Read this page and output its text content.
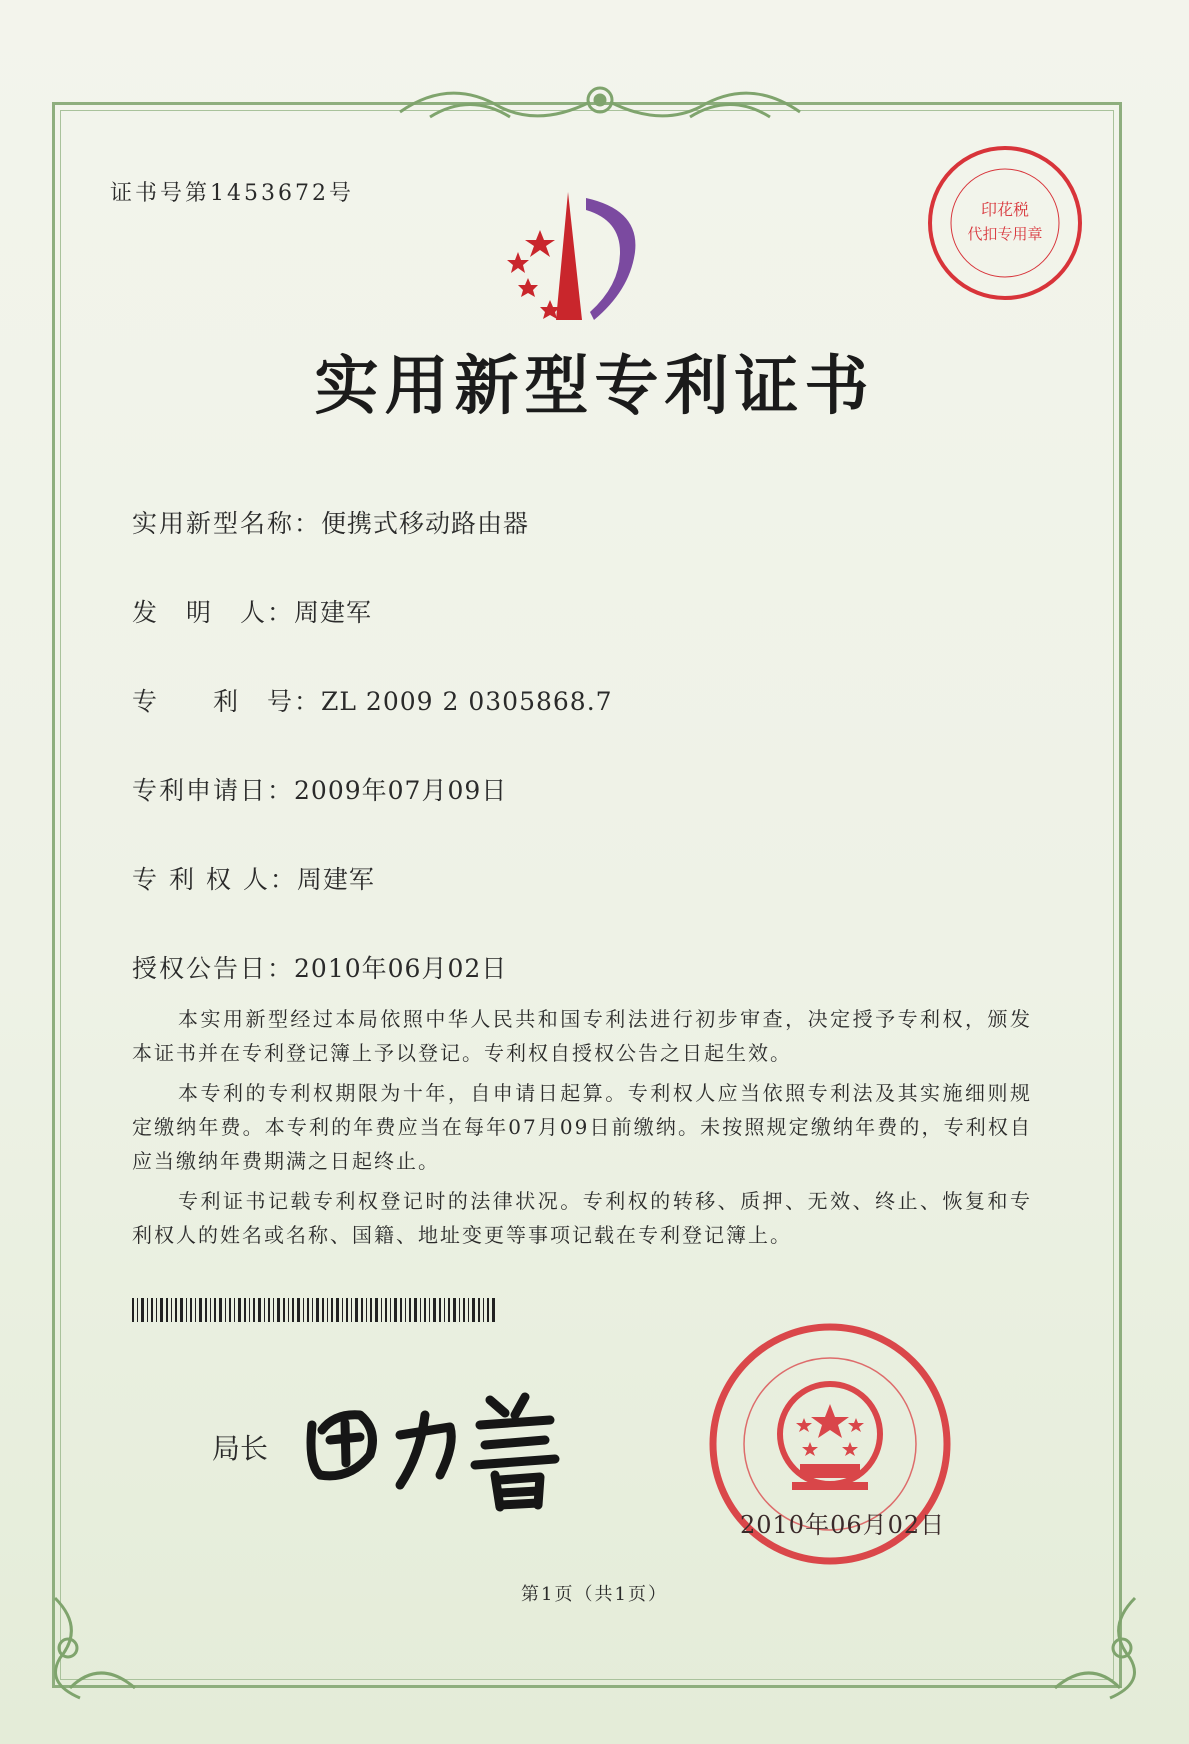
证书号第1453672号
实用新型专利证书
印花税
代扣专用章
实用新型名称：便携式移动路由器
发　明　人：周建军
专　　利　号：ZL 2009 2 0305868.7
专利申请日：2009年07月09日
专 利 权 人：周建军
授权公告日：2010年06月02日
本实用新型经过本局依照中华人民共和国专利法进行初步审查，决定授予专利权，颁发本证书并在专利登记簿上予以登记。专利权自授权公告之日起生效。
本专利的专利权期限为十年，自申请日起算。专利权人应当依照专利法及其实施细则规定缴纳年费。本专利的年费应当在每年07月09日前缴纳。未按照规定缴纳年费的，专利权自应当缴纳年费期满之日起终止。
专利证书记载专利权登记时的法律状况。专利权的转移、质押、无效、终止、恢复和专利权人的姓名或名称、国籍、地址变更等事项记载在专利登记簿上。
局长
2010年06月02日
第1页（共1页）
